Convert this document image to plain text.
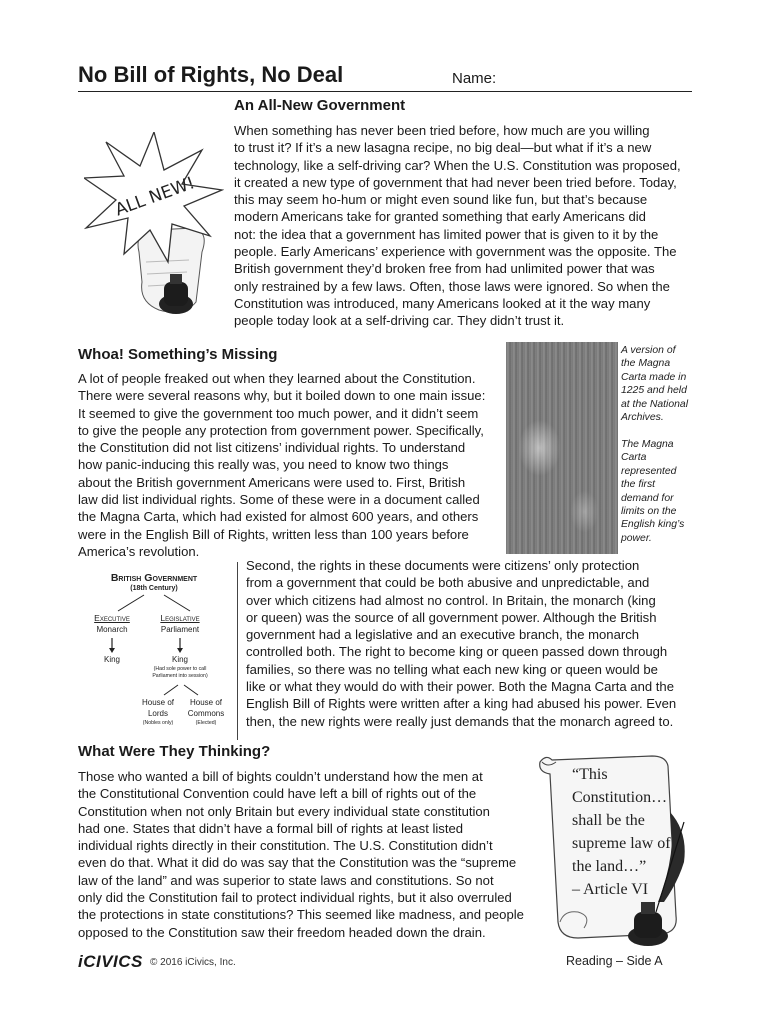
No Bill of Rights, No Deal	Name:
An All-New Government
When something has never been tried before, how much are you willing
to trust it? If it’s a new lasagna recipe, no big deal—but what if it’s a new
technology, like a self-driving car? When the U.S. Constitution was proposed,
it created a new type of government that had never been tried before. Today,
this may seem ho-hum or might even sound like fun, but that’s because
modern Americans take for granted something that early Americans did
not: the idea that a government has limited power that is given to it by the
people. Early Americans’ experience with government was the opposite. The
British government they’d broken free from had unlimited power that was
only restrained by a few laws. Often, those laws were ignored. So when the
Constitution was introduced, many Americans looked at it the way many
people today look at a self-driving car. They didn’t trust it.
ALL NEW!
Whoa! Something’s Missing
A lot of people freaked out when they learned about the Constitution.
There were several reasons why, but it boiled down to one main issue:
It seemed to give the government too much power, and it didn’t seem
to give the people any protection from government power. Specifically,
the Constitution did not list citizens’ individual rights. To understand
how panic-inducing this really was, you need to know two things
about the British government Americans were used to. First, British
law did list individual rights. Some of these were in a document called
the Magna Carta, which had existed for almost 600 years, and others
were in the English Bill of Rights, written less than 100 years before
America’s revolution.
A version of
the Magna
Carta made in
1225 and held
at the National
Archives.
The Magna
Carta
represented
the first
demand for
limits on the
English king’s
power.
British Government
(18th Century)
Executive	Legislative
Monarch	Parliament
King	King
(Had sole power to call
Parliament into session)
House of
Lords
(Nobles only)
House of
Commons
(Elected)
Second, the rights in these documents were citizens’ only protection
from a government that could be both abusive and unpredictable, and
over which citizens had almost no control. In Britain, the monarch (king
or queen) was the source of all government power. Although the British
government had a legislative and an executive branch, the monarch
controlled both. The right to become king or queen passed down through
families, so there was no telling what each new king or queen would be
like or what they would do with their power. Both the Magna Carta and the
English Bill of Rights were written after a king had abused his power. Even
then, the new rights were really just demands that the monarch agreed to.
What Were They Thinking?
Those who wanted a bill of bights couldn’t understand how the men at
the Constitutional Convention could have left a bill of rights out of the
Constitution when not only Britain but every individual state constitution
had one. States that didn’t have a formal bill of rights at least listed
individual rights directly in their constitution. The U.S. Constitution didn’t
even do that. What it did do was say that the Constitution was the “supreme
law of the land” and was superior to state laws and constitutions. So not
only did the Constitution fail to protect individual rights, but it also overruled
the protections in state constitutions? This seemed like madness, and people
opposed to the Constitution saw their freedom headed down the drain.
“This
Constitution…
shall be the
supreme law of
the land…”
– Article VI
iCIVICS © 2016 iCivics, Inc.	Reading – Side A
